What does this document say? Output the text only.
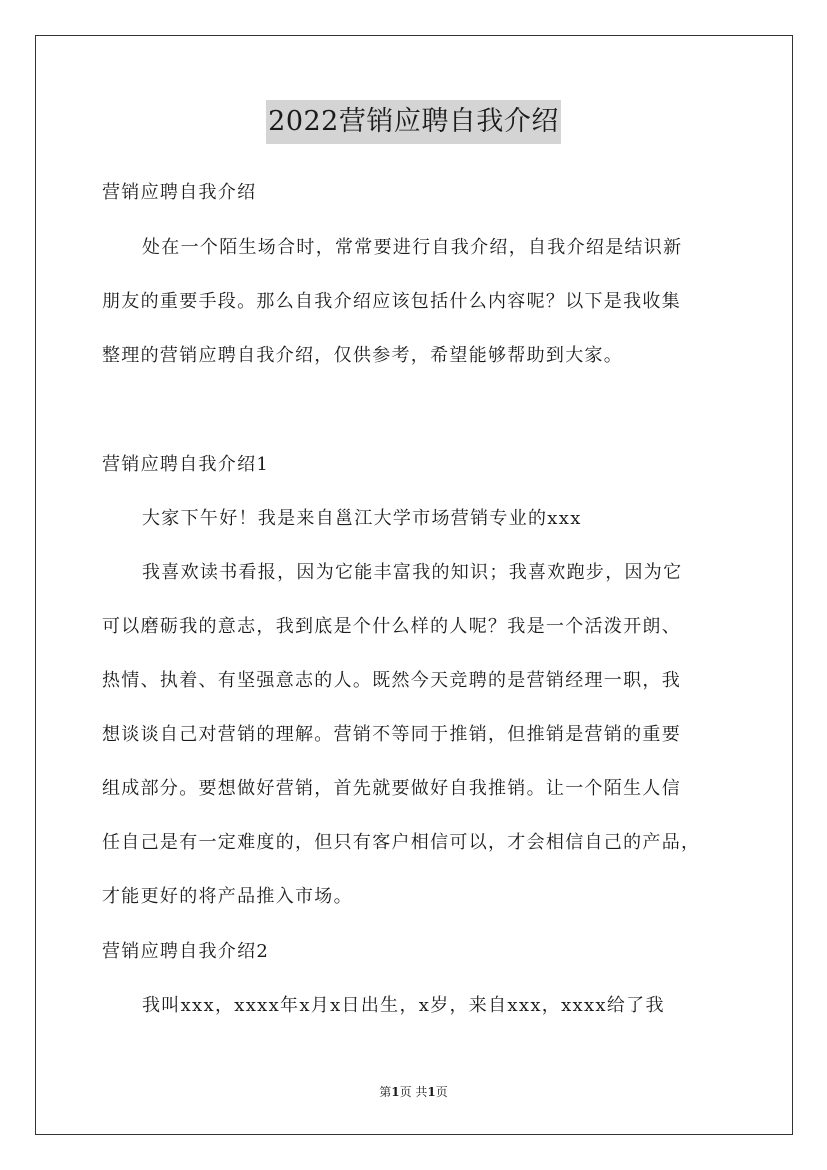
2022营销应聘自我介绍
营销应聘自我介绍
处在一个陌生场合时，常常要进行自我介绍，自我介绍是结识新
朋友的重要手段。那么自我介绍应该包括什么内容呢？以下是我收集
整理的营销应聘自我介绍，仅供参考，希望能够帮助到大家。
营销应聘自我介绍1
大家下午好！我是来自邕江大学市场营销专业的xxx
我喜欢读书看报，因为它能丰富我的知识；我喜欢跑步，因为它
可以磨砺我的意志，我到底是个什么样的人呢？我是一个活泼开朗、
热情、执着、有坚强意志的人。既然今天竞聘的是营销经理一职，我
想谈谈自己对营销的理解。营销不等同于推销，但推销是营销的重要
组成部分。要想做好营销，首先就要做好自我推销。让一个陌生人信
任自己是有一定难度的，但只有客户相信可以，才会相信自己的产品，
才能更好的将产品推入市场。
营销应聘自我介绍2
我叫xxx，xxxx年x月x日出生，x岁，来自xxx，xxxx给了我
第1页 共1页
